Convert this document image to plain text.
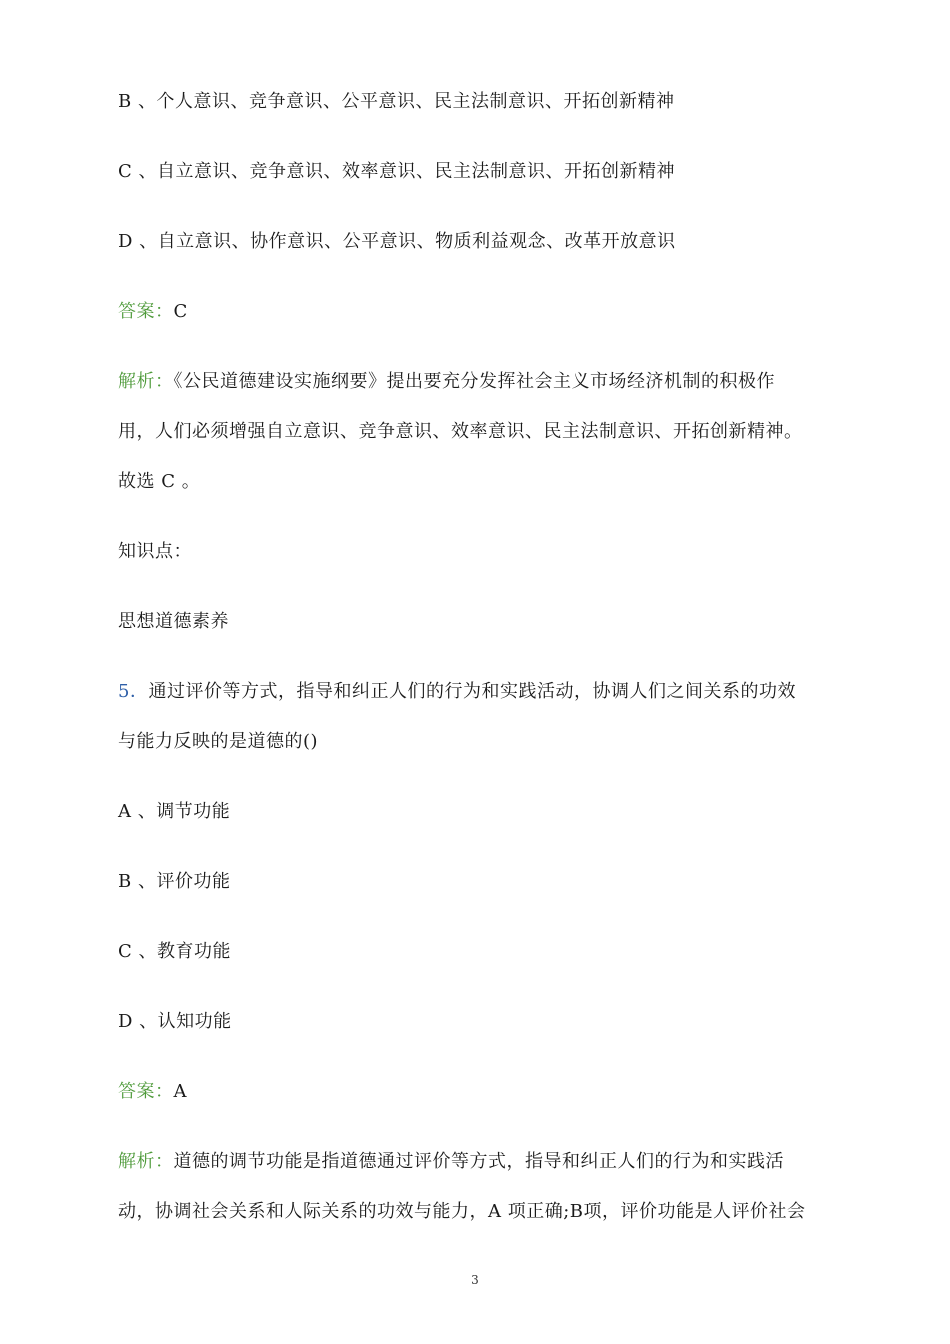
B 、个人意识、竞争意识、公平意识、民主法制意识、开拓创新精神
C 、自立意识、竞争意识、效率意识、民主法制意识、开拓创新精神
D 、自立意识、协作意识、公平意识、物质利益观念、改革开放意识
答案：C
解析：《公民道德建设实施纲要》提出要充分发挥社会主义市场经济机制的积极作
用，人们必须增强自立意识、竞争意识、效率意识、民主法制意识、开拓创新精神。
故选 C 。
知识点：
思想道德素养
5．通过评价等方式，指导和纠正人们的行为和实践活动，协调人们之间关系的功效
与能力反映的是道德的()
A 、调节功能
B 、评价功能
C 、教育功能
D 、认知功能
答案：A
解析：道德的调节功能是指道德通过评价等方式，指导和纠正人们的行为和实践活
动，协调社会关系和人际关系的功效与能力，A 项正确;B项，评价功能是人评价社会
3
